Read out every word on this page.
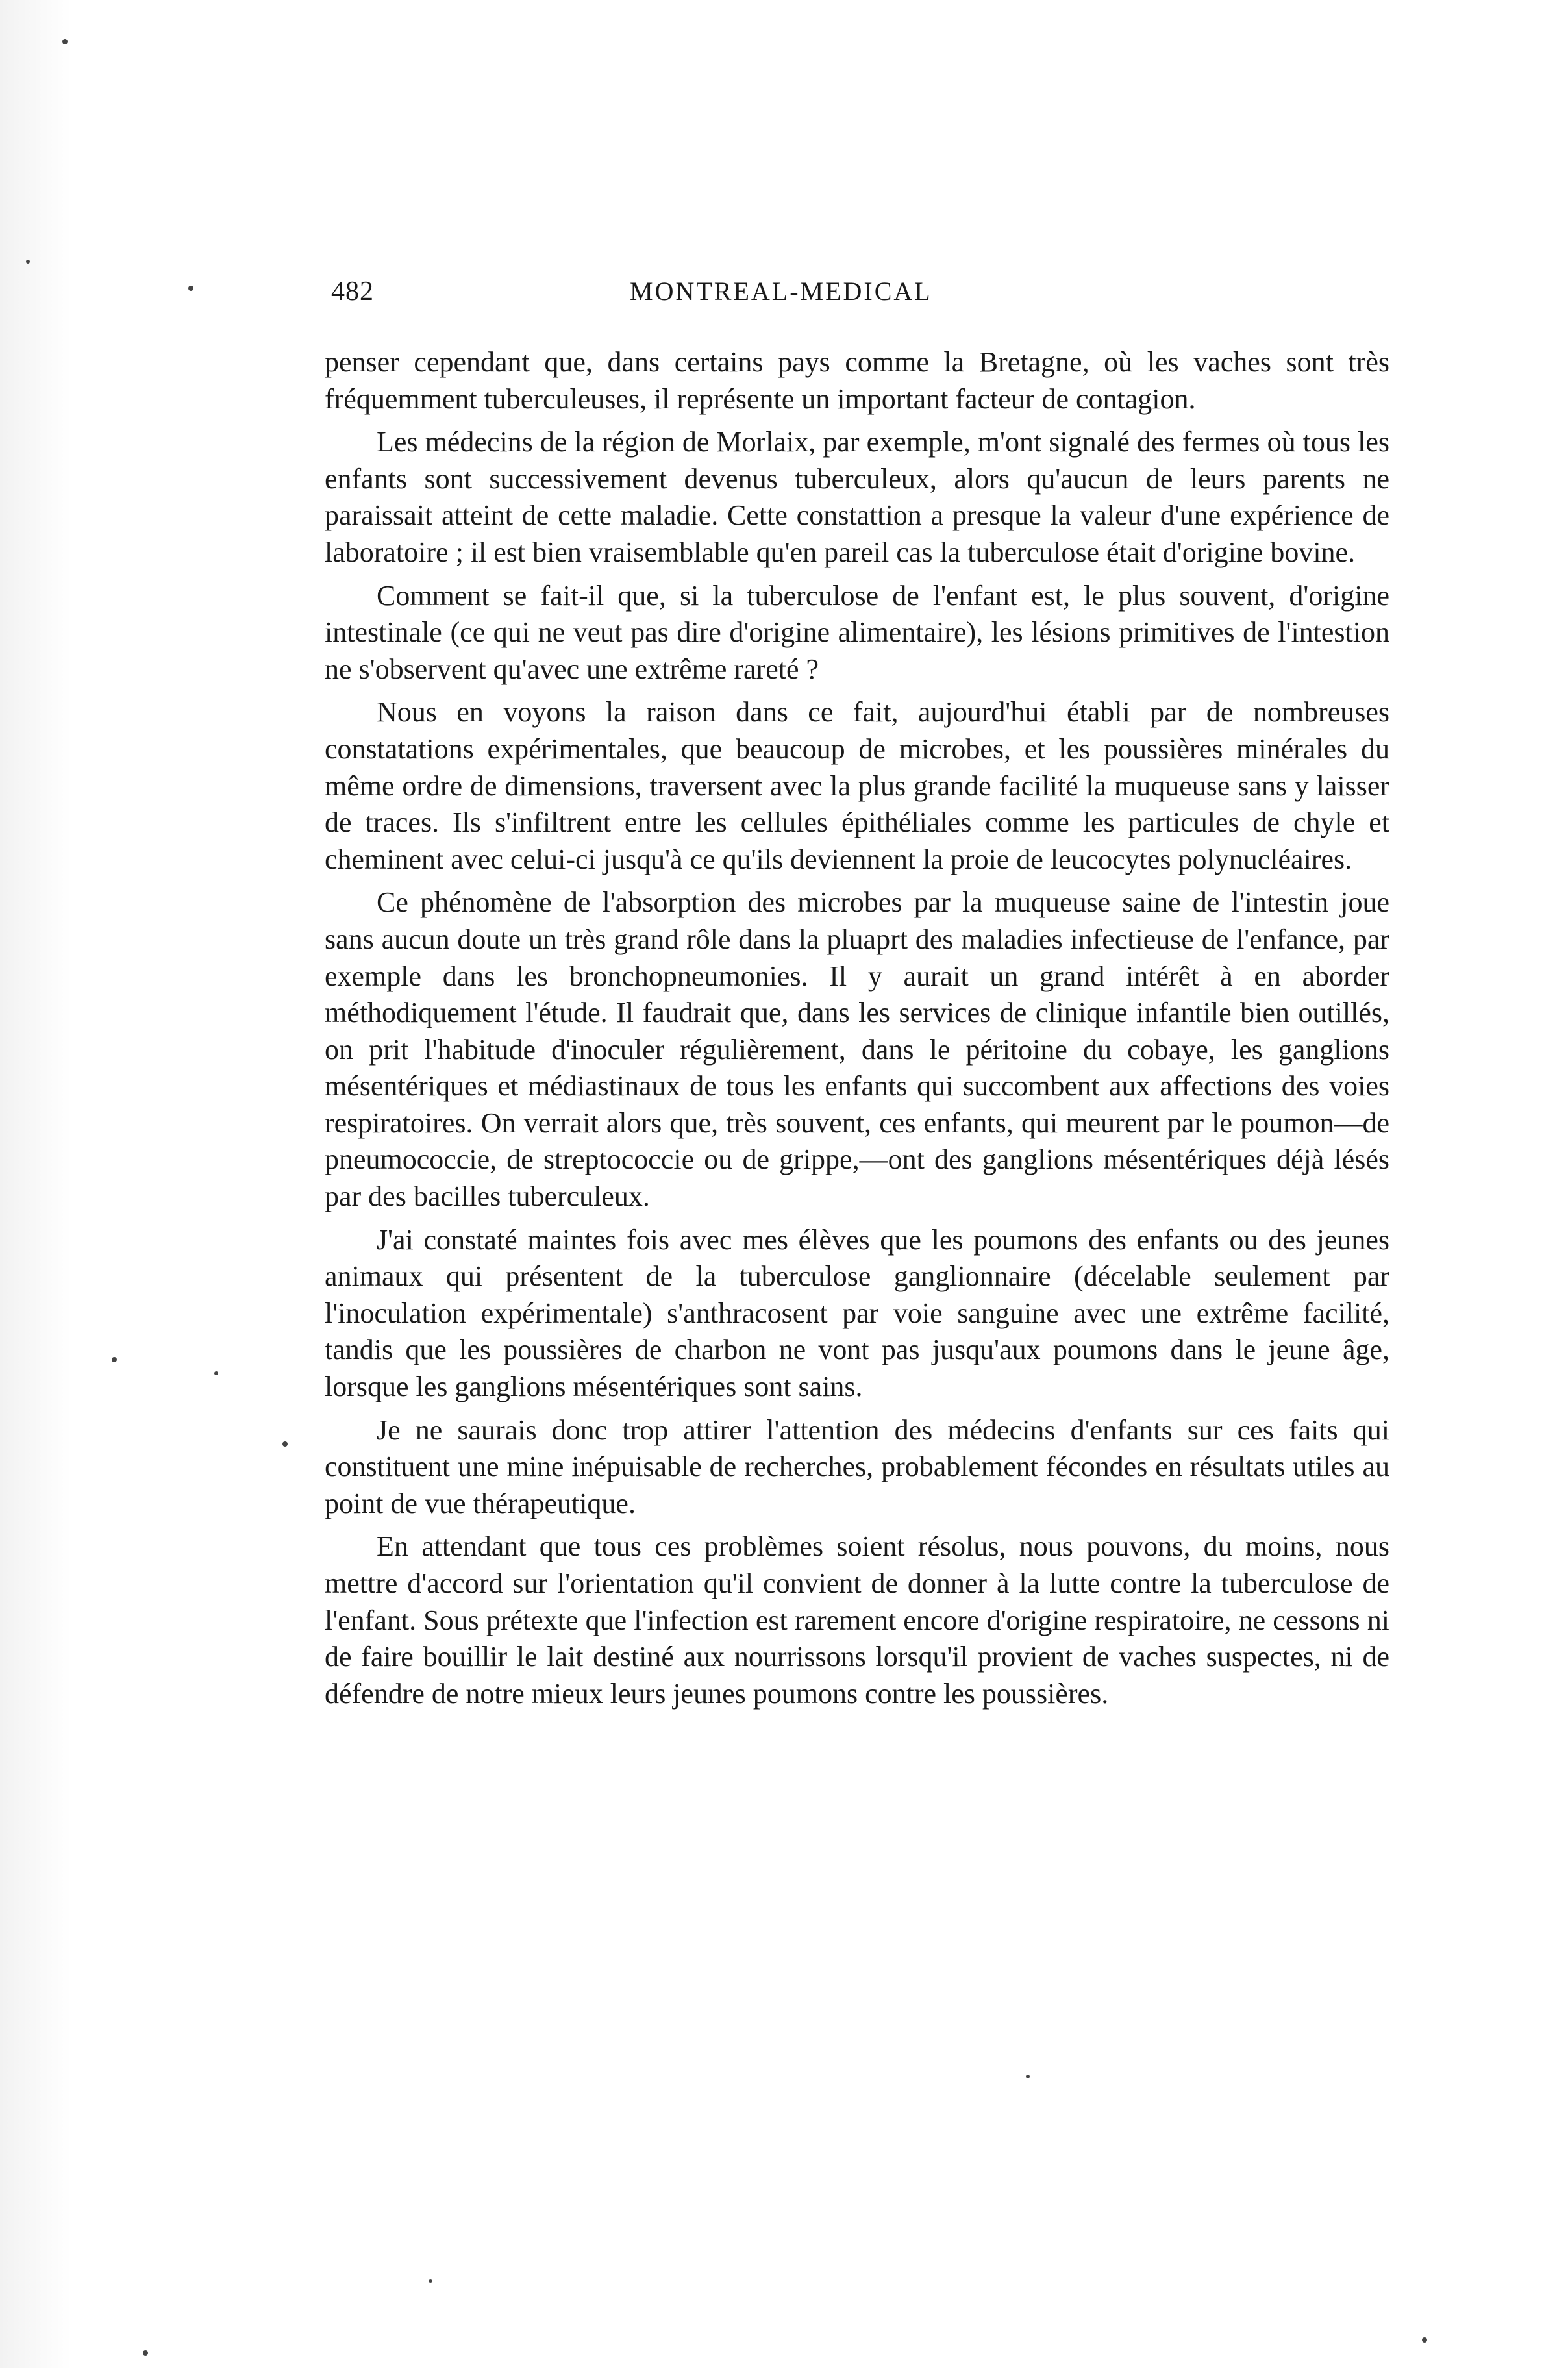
482	MONTREAL-MEDICAL

penser cependant que, dans certains pays comme la Bretagne, où les vaches sont très fréquemment tuberculeuses, il représente un important facteur de contagion.

Les médecins de la région de Morlaix, par exemple, m'ont signalé des fermes où tous les enfants sont successivement devenus tuberculeux, alors qu'aucun de leurs parents ne paraissait atteint de cette maladie. Cette constattion a presque la valeur d'une expérience de laboratoire ; il est bien vraisemblable qu'en pareil cas la tuberculose était d'origine bovine.

Comment se fait-il que, si la tuberculose de l'enfant est, le plus souvent, d'origine intestinale (ce qui ne veut pas dire d'origine alimentaire), les lésions primitives de l'intestion ne s'observent qu'avec une extrême rareté ?

Nous en voyons la raison dans ce fait, aujourd'hui établi par de nombreuses constatations expérimentales, que beaucoup de microbes, et les poussières minérales du même ordre de dimensions, traversent avec la plus grande facilité la muqueuse sans y laisser de traces. Ils s'infiltrent entre les cellules épithéliales comme les particules de chyle et cheminent avec celui-ci jusqu'à ce qu'ils deviennent la proie de leucocytes polynucléaires.

Ce phénomène de l'absorption des microbes par la muqueuse saine de l'intestin joue sans aucun doute un très grand rôle dans la pluaprt des maladies infectieuse de l'enfance, par exemple dans les bronchopneumonies. Il y aurait un grand intérêt à en aborder méthodiquement l'étude. Il faudrait que, dans les services de clinique infantile bien outillés, on prit l'habitude d'inoculer régulièrement, dans le péritoine du cobaye, les ganglions mésentériques et médiastinaux de tous les enfants qui succombent aux affections des voies respiratoires. On verrait alors que, très souvent, ces enfants, qui meurent par le poumon—de pneumococcie, de streptococcie ou de grippe,—ont des ganglions mésentériques déjà lésés par des bacilles tuberculeux.

J'ai constaté maintes fois avec mes élèves que les poumons des enfants ou des jeunes animaux qui présentent de la tuberculose ganglionnaire (décelable seulement par l'inoculation expérimentale) s'anthracosent par voie sanguine avec une extrême facilité, tandis que les poussières de charbon ne vont pas jusqu'aux poumons dans le jeune âge, lorsque les ganglions mésentériques sont sains.

Je ne saurais donc trop attirer l'attention des médecins d'enfants sur ces faits qui constituent une mine inépuisable de recherches, probablement fécondes en résultats utiles au point de vue thérapeutique.

En attendant que tous ces problèmes soient résolus, nous pouvons, du moins, nous mettre d'accord sur l'orientation qu'il convient de donner à la lutte contre la tuberculose de l'enfant. Sous prétexte que l'infection est rarement encore d'origine respiratoire, ne cessons ni de faire bouillir le lait destiné aux nourrissons lorsqu'il provient de vaches suspectes, ni de défendre de notre mieux leurs jeunes poumons contre les poussières.
